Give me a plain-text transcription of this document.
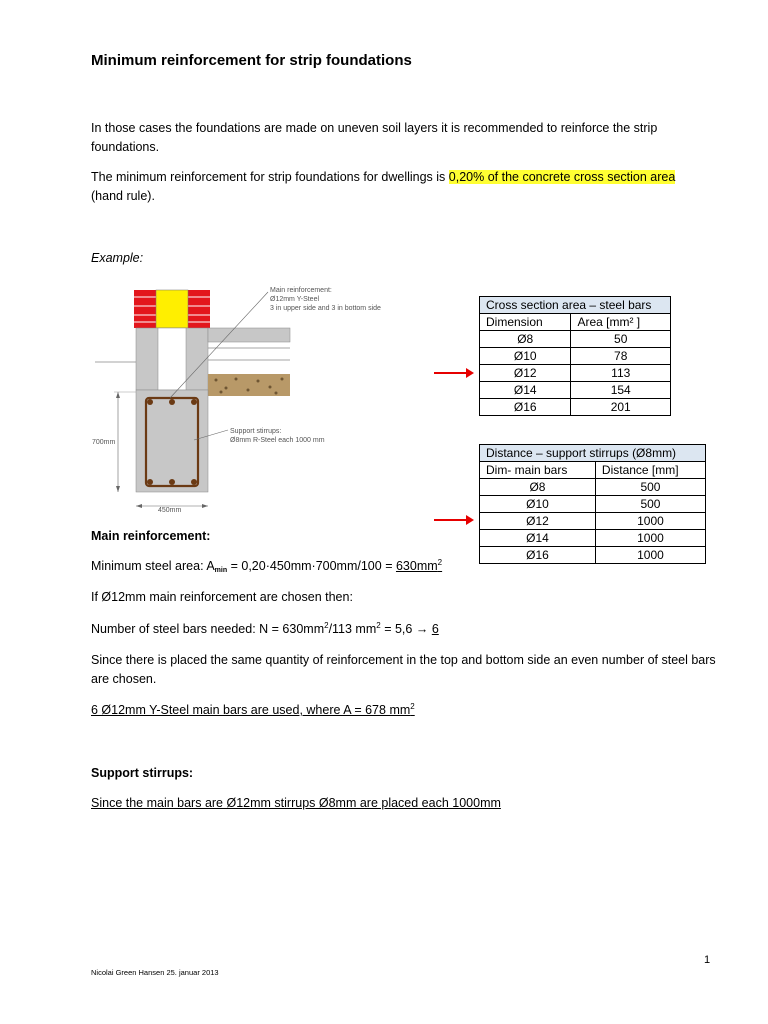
Minimum reinforcement for strip foundations
In those cases the foundations are made on uneven soil layers it is recommended to reinforce the strip foundations.
The minimum reinforcement for strip foundations for dwellings is 0,20% of the concrete cross section area
(hand rule).
Example:
700mm
450mm
Main reinforcement:
Ø12mm Y-Steel
3 in upper side and 3 in bottom side
Support stirrups:
Ø8mm R-Steel each 1000 mm
Cross section area – steel bars	
Dimension	Area [mm² ]
Ø8	50
Ø10	78
Ø12	113
Ø14	154
Ø16	201
Distance – support stirrups (Ø8mm)	
Dim- main bars	Distance [mm]
Ø8	500
Ø10	500
Ø12	1000
Ø14	1000
Ø16	1000
Main reinforcement:
Minimum steel area: $A_{min} = 0,20\cdot 450mm\cdot 700mm/100 = 630mm^2$
If Ø12mm main reinforcement are chosen then:
Number of steel bars needed: $N = 630mm^2/113$ $mm^2 = 5,6 \to 6$
Since there is placed the same quantity of reinforcement in the top and bottom side an even number of steel bars are chosen.
6 Ø12mm Y-Steel main bars are used, where A = 678 $mm^2$
Support stirrups:
Since the main bars are Ø12mm stirrups Ø8mm are placed each 1000mm
1
Nicolai Green Hansen 25. januar 2013
